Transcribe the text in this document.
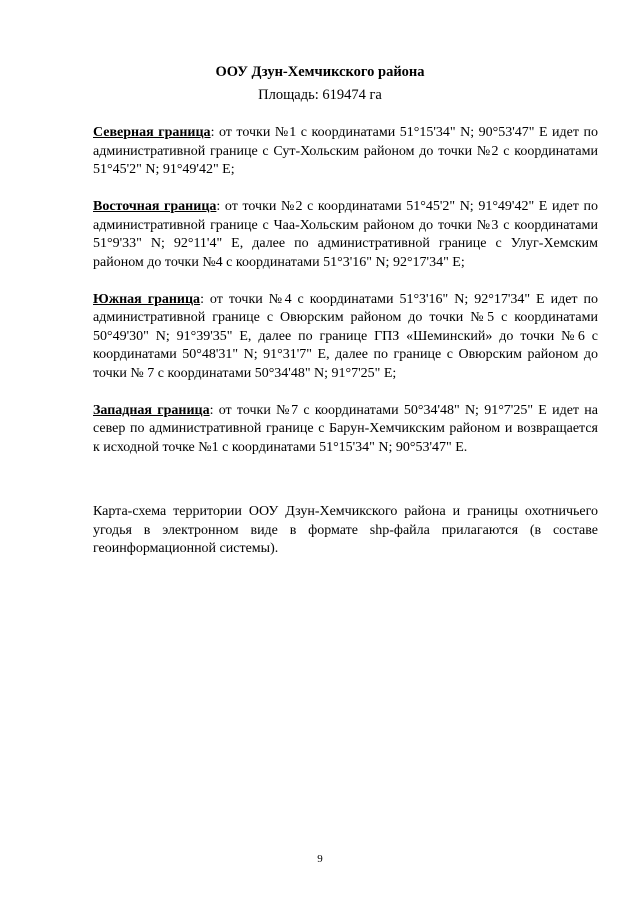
ООУ Дзун-Хемчикского района
Площадь: 619474 га

Северная граница: от точки №1 с координатами 51°15'34" N; 90°53'47" E идет по административной границе с Сут-Хольским районом до точки №2 с координатами 51°45'2" N; 91°49'42" E;

Восточная граница: от точки №2 с координатами 51°45'2" N; 91°49'42" E идет по административной границе с Чаа-Хольским районом до точки №3 с координатами 51°9'33" N; 92°11'4" E, далее по административной границе с Улуг-Хемским районом до точки №4 с координатами 51°3'16" N; 92°17'34" E;

Южная граница: от точки №4 с координатами 51°3'16" N; 92°17'34" E идет по административной границе с Овюрским районом до точки №5 с координатами 50°49'30" N; 91°39'35" E, далее по границе ГПЗ «Шеминский» до точки №6 с координатами 50°48'31" N; 91°31'7" E, далее по границе с Овюрским районом до точки № 7 с координатами 50°34'48" N; 91°7'25" E;

Западная граница: от точки №7 с координатами 50°34'48" N; 91°7'25" E идет на север по административной границе с Барун-Хемчикским районом и возвращается к исходной точке №1 с координатами 51°15'34" N; 90°53'47" E.

Карта-схема территории ООУ Дзун-Хемчикского района и границы охотничьего угодья в электронном виде в формате shp-файла прилагаются (в составе геоинформационной системы).
9
